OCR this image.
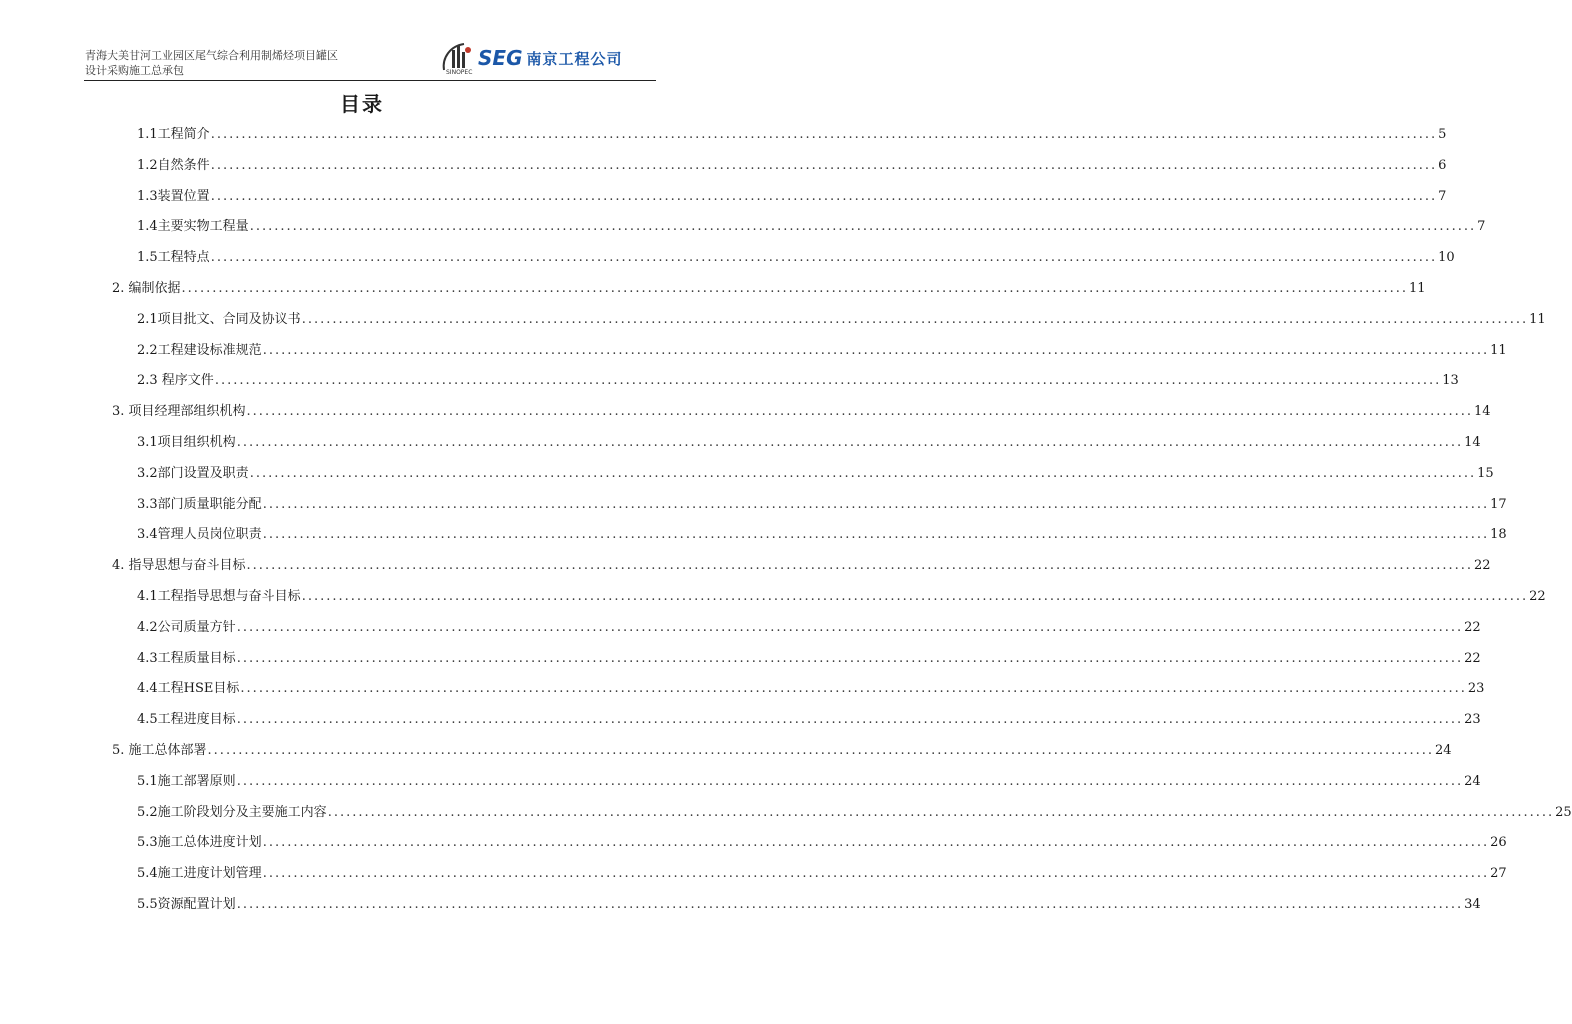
青海大美甘河工业园区尾气综合利用制烯烃项目罐区
设计采购施工总承包	SINOPEC
SEG 南京工程公司
目录
1.1工程简介 ........................................................................................................................................................................................................ 5
1.2自然条件 ........................................................................................................................................................................................................ 6
1.3装置位置 ........................................................................................................................................................................................................ 7
1.4主要实物工程量 ........................................................................................................................................................................................................ 7
1.5工程特点 ........................................................................................................................................................................................................ 10
2. 编制依据 ........................................................................................................................................................................................................ 11
2.1项目批文、合同及协议书 ........................................................................................................................................................................................................ 11
2.2工程建设标准规范 ........................................................................................................................................................................................................ 11
2.3 程序文件 ........................................................................................................................................................................................................ 13
3. 项目经理部组织机构 ........................................................................................................................................................................................................ 14
3.1项目组织机构 ........................................................................................................................................................................................................ 14
3.2部门设置及职责 ........................................................................................................................................................................................................ 15
3.3部门质量职能分配 ........................................................................................................................................................................................................ 17
3.4管理人员岗位职责 ........................................................................................................................................................................................................ 18
4. 指导思想与奋斗目标 ........................................................................................................................................................................................................ 22
4.1工程指导思想与奋斗目标 ........................................................................................................................................................................................................ 22
4.2公司质量方针 ........................................................................................................................................................................................................ 22
4.3工程质量目标 ........................................................................................................................................................................................................ 22
4.4工程HSE目标 ........................................................................................................................................................................................................ 23
4.5工程进度目标 ........................................................................................................................................................................................................ 23
5. 施工总体部署 ........................................................................................................................................................................................................ 24
5.1施工部署原则 ........................................................................................................................................................................................................ 24
5.2施工阶段划分及主要施工内容 ........................................................................................................................................................................................................ 25
5.3施工总体进度计划 ........................................................................................................................................................................................................ 26
5.4施工进度计划管理 ........................................................................................................................................................................................................ 27
5.5资源配置计划 ........................................................................................................................................................................................................ 34
